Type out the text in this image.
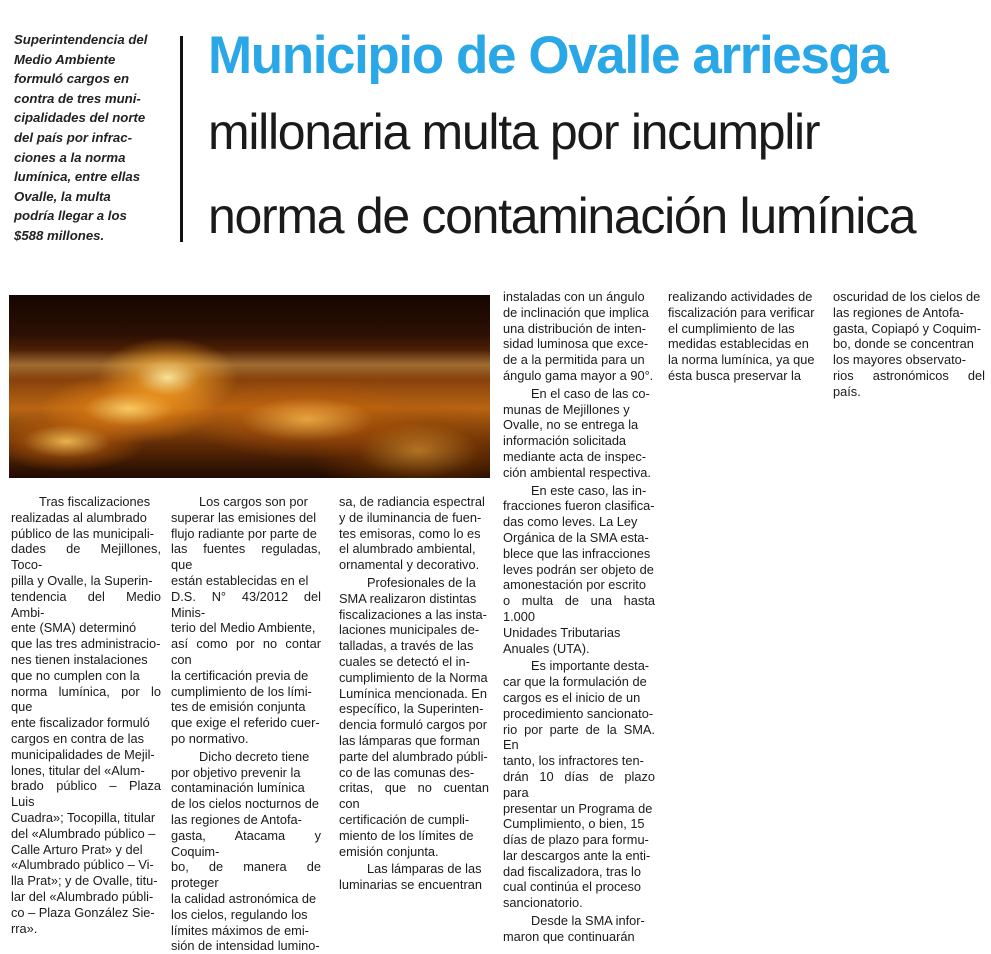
Superintendencia del
Medio Ambiente
formuló cargos en
contra de tres muni-
cipalidades del norte
del país por infrac-
ciones a la norma
lumínica, entre ellas
Ovalle, la multa
podría llegar a los
$588 millones.
Municipio de Ovalle arriesga
millonaria multa por incumplir
norma de contaminación lumínica

Tras fiscalizaciones
realizadas al alumbrado
público de las municipali-
dades de Mejillones, Toco-
pilla y Ovalle, la Superin-
tendencia del Medio Ambi-
ente (SMA) determinó
que las tres administracio-
nes tienen instalaciones
que no cumplen con la
norma lumínica, por lo que
ente fiscalizador formuló
cargos en contra de las
municipalidades de Mejil-
lones, titular del «Alum-
brado público – Plaza Luis
Cuadra»; Tocopilla, titular
del «Alumbrado público –
Calle Arturo Prat» y del
«Alumbrado público – Vi-
lla Prat»; y de Ovalle, titu-
lar del «Alumbrado públi-
co – Plaza González Sie-
rra».

Los cargos son por
superar las emisiones del
flujo radiante por parte de
las fuentes reguladas, que
están establecidas en el
D.S. N° 43/2012 del Minis-
terio del Medio Ambiente,
así como por no contar con
la certificación previa de
cumplimiento de los lími-
tes de emisión conjunta
que exige el referido cuer-
po normativo.

Dicho decreto tiene
por objetivo prevenir la
contaminación lumínica
de los cielos nocturnos de
las regiones de Antofa-
gasta, Atacama y Coquim-
bo, de manera de proteger
la calidad astronómica de
los cielos, regulando los
límites máximos de emi-
sión de intensidad lumino-

sa, de radiancia espectral
y de iluminancia de fuen-
tes emisoras, como lo es
el alumbrado ambiental,
ornamental y decorativo.

Profesionales de la
SMA realizaron distintas
fiscalizaciones a las insta-
laciones municipales de-
talladas, a través de las
cuales se detectó el in-
cumplimiento de la Norma
Lumínica mencionada. En
específico, la Superinten-
dencia formuló cargos por
las lámparas que forman
parte del alumbrado públi-
co de las comunas des-
critas, que no cuentan con
certificación de cumpli-
miento de los límites de
emisión conjunta.

Las lámparas de las
luminarias se encuentran

instaladas con un ángulo
de inclinación que implica
una distribución de inten-
sidad luminosa que exce-
de a la permitida para un
ángulo gama mayor a 90°.

En el caso de las co-
munas de Mejillones y
Ovalle, no se entrega la
información solicitada
mediante acta de inspec-
ción ambiental respectiva.

En este caso, las in-
fracciones fueron clasifica-
das como leves. La Ley
Orgánica de la SMA esta-
blece que las infracciones
leves podrán ser objeto de
amonestación por escrito
o multa de una hasta 1.000
Unidades Tributarias
Anuales (UTA).

Es importante desta-
car que la formulación de
cargos es el inicio de un
procedimiento sancionato-
rio por parte de la SMA. En
tanto, los infractores ten-
drán 10 días de plazo para
presentar un Programa de
Cumplimiento, o bien, 15
días de plazo para formu-
lar descargos ante la enti-
dad fiscalizadora, tras lo
cual continúa el proceso
sancionatorio.

Desde la SMA infor-
maron que continuarán

realizando actividades de
fiscalización para verificar
el cumplimiento de las
medidas establecidas en
la norma lumínica, ya que
ésta busca preservar la

oscuridad de los cielos de
las regiones de Antofa-
gasta, Copiapó y Coquim-
bo, donde se concentran
los mayores observato-
rios astronómicos del país.
